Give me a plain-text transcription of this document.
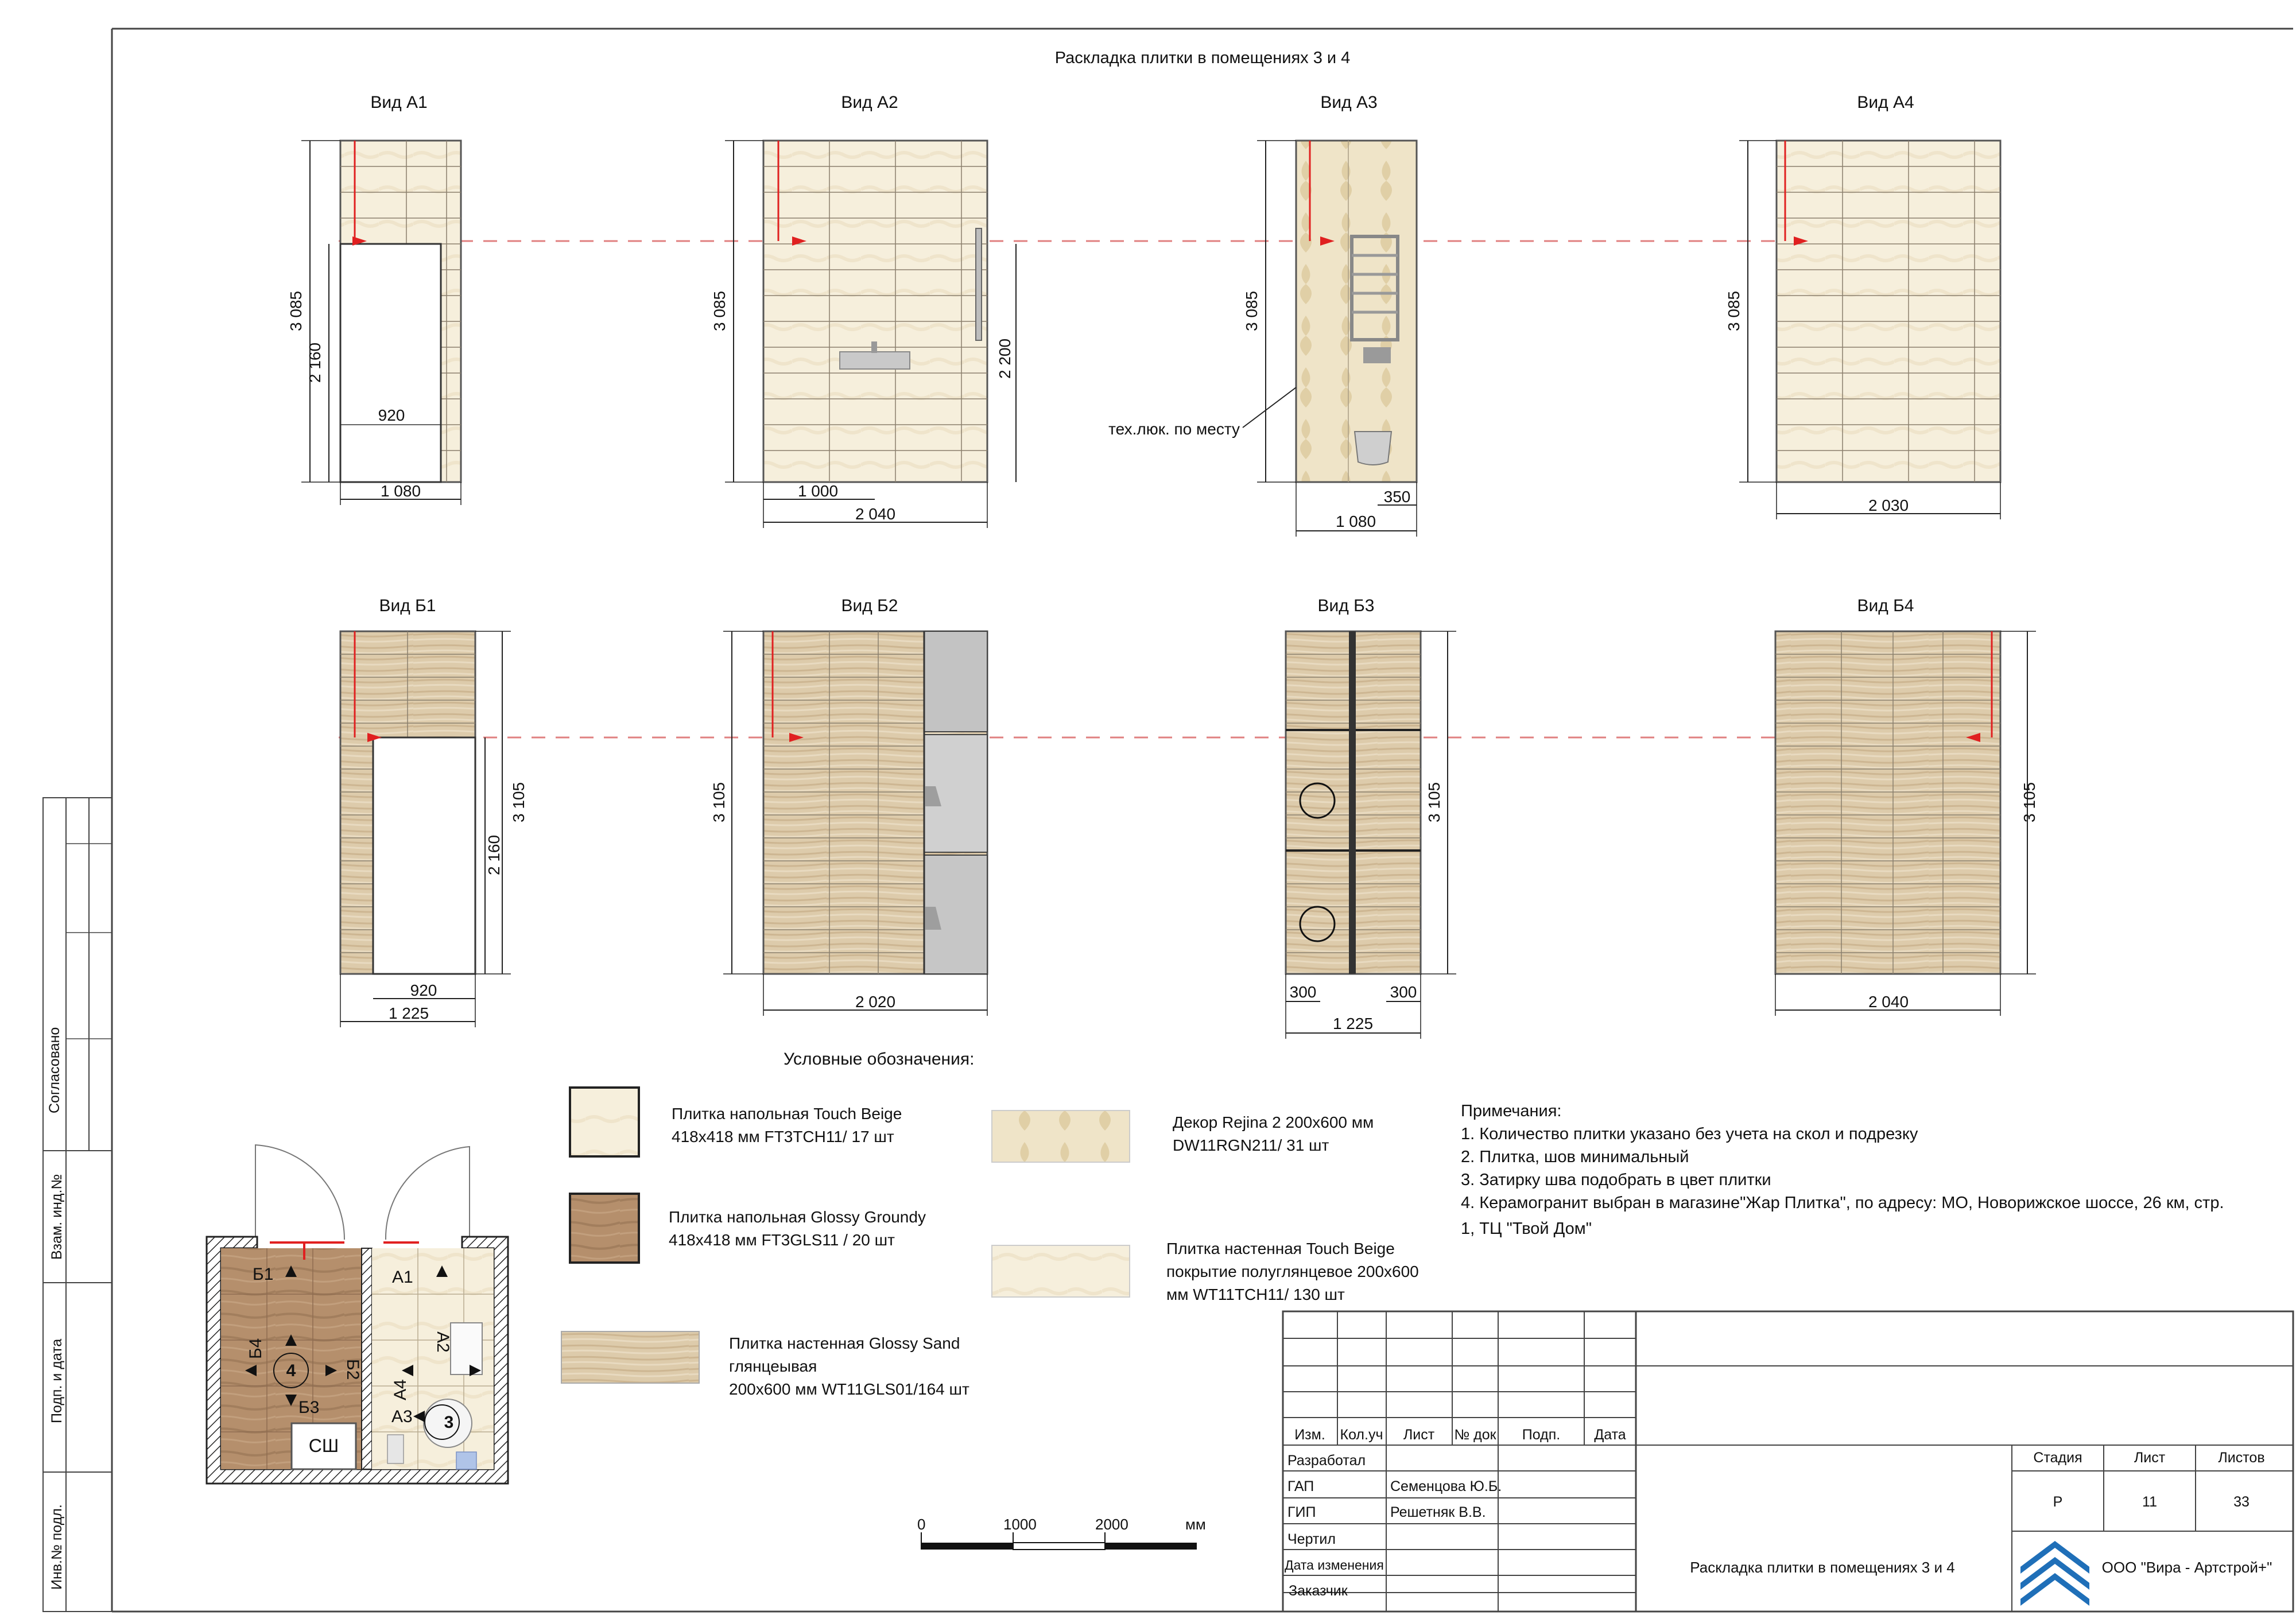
Раскладка плитки в помещениях 3 и 4
Вид А1
3 085
2 160
920
1 080
Вид А2
3 085
2 200
1 000
2 040
Вид А3
3 085
тех.люк. по месту
350
1 080
Вид А4
3 085
2 030
Вид Б1
3 105
2 160
920
1 225
Вид Б2
3 105
2 020
Вид Б3
3 105
300	300
1 225
Вид Б4
3 105
2 040
Условные обозначения:
Плитка напольная Touch Beige 418x418 мм FT3TCH11/ 17 шт
Плитка напольная Glossy Groundy 418x418 мм FT3GLS11 / 20 шт
Плитка настенная Glossy Sand глянцеывая 200x600 мм WT11GLS01/164 шт
Декор Rejina 2 200x600 мм DW11RGN211/ 31 шт
Плитка настенная Touch Beige покрытие полуглянцевое 200x600 мм WT11TCH11/ 130 шт
Примечания:
1. Количество плитки указано без учета на скол и подрезку
2. Плитка, шов минимальный
3. Затирку шва подобрать в цвет плитки
4. Керамогранит выбран в магазине"Жар Плитка", по адресу: МО, Новорижское шоссе, 26 км, стр.
1, ТЦ "Твой Дом"
Б1
Б4
Б2
Б3
4
А1
А2
А4
А3 3
СШ
0	1000	2000	мм
Согласовано
Взам. инд.№
Подп. и дата
Инв.№ подл.
Изм. Кол.уч Лист № док Подп. Дата
Разработал
ГАП	Семенцова Ю.Б.
ГИП	Решетняк В.В.
Чертил
Дата изменения
Заказчик
Стадия	Лист	Листов
Р	11	33
Раскладка плитки в помещениях 3 и 4	ООО "Вира - Артстрой+"
